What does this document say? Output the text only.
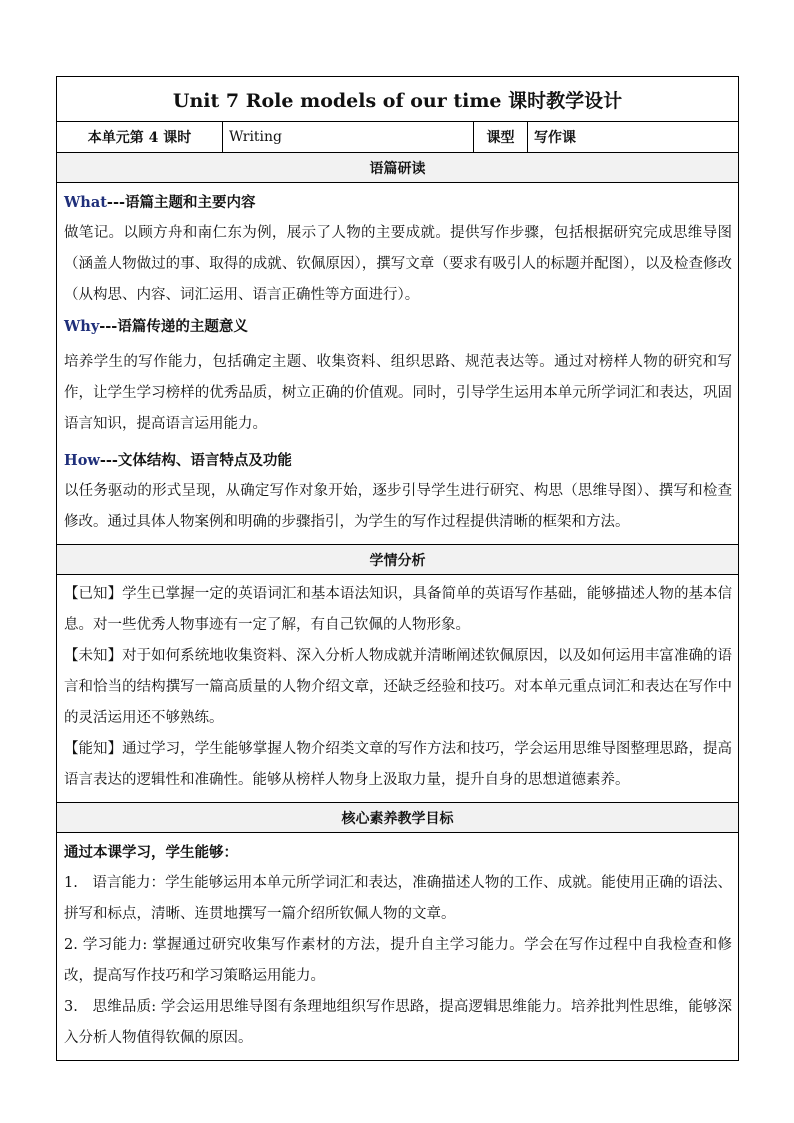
Unit 7 Role models of our time 课时教学设计
本单元第 4 课时	Writing	课型	写作课
语篇研读

What---语篇主题和主要内容

做笔记。以顾方舟和南仁东为例，展示了人物的主要成就。提供写作步骤，包括根据研究完成思维导图（涵盖人物做过的事、取得的成就、钦佩原因），撰写文章（要求有吸引人的标题并配图），以及检查修改（从构思、内容、词汇运用、语言正确性等方面进行）。

Why---语篇传递的主题意义

培养学生的写作能力，包括确定主题、收集资料、组织思路、规范表达等。通过对榜样人物的研究和写作，让学生学习榜样的优秀品质，树立正确的价值观。同时，引导学生运用本单元所学词汇和表达，巩固语言知识，提高语言运用能力。

How---文体结构、语言特点及功能

以任务驱动的形式呈现，从确定写作对象开始，逐步引导学生进行研究、构思（思维导图）、撰写和检查修改。通过具体人物案例和明确的步骤指引，为学生的写作过程提供清晰的框架和方法。

学情分析

【已知】学生已掌握一定的英语词汇和基本语法知识，具备简单的英语写作基础，能够描述人物的基本信息。对一些优秀人物事迹有一定了解，有自己钦佩的人物形象。

【未知】对于如何系统地收集资料、深入分析人物成就并清晰阐述钦佩原因，以及如何运用丰富准确的语言和恰当的结构撰写一篇高质量的人物介绍文章，还缺乏经验和技巧。对本单元重点词汇和表达在写作中的灵活运用还不够熟练。

【能知】通过学习，学生能够掌握人物介绍类文章的写作方法和技巧，学会运用思维导图整理思路，提高语言表达的逻辑性和准确性。能够从榜样人物身上汲取力量，提升自身的思想道德素养。

核心素养教学目标

通过本课学习，学生能够：

1.　语言能力：学生能够运用本单元所学词汇和表达，准确描述人物的工作、成就。能使用正确的语法、拼写和标点，清晰、连贯地撰写一篇介绍所钦佩人物的文章。

2. 学习能力: 掌握通过研究收集写作素材的方法，提升自主学习能力。学会在写作过程中自我检查和修改，提高写作技巧和学习策略运用能力。

3.　思维品质: 学会运用思维导图有条理地组织写作思路，提高逻辑思维能力。培养批判性思维，能够深入分析人物值得钦佩的原因。
